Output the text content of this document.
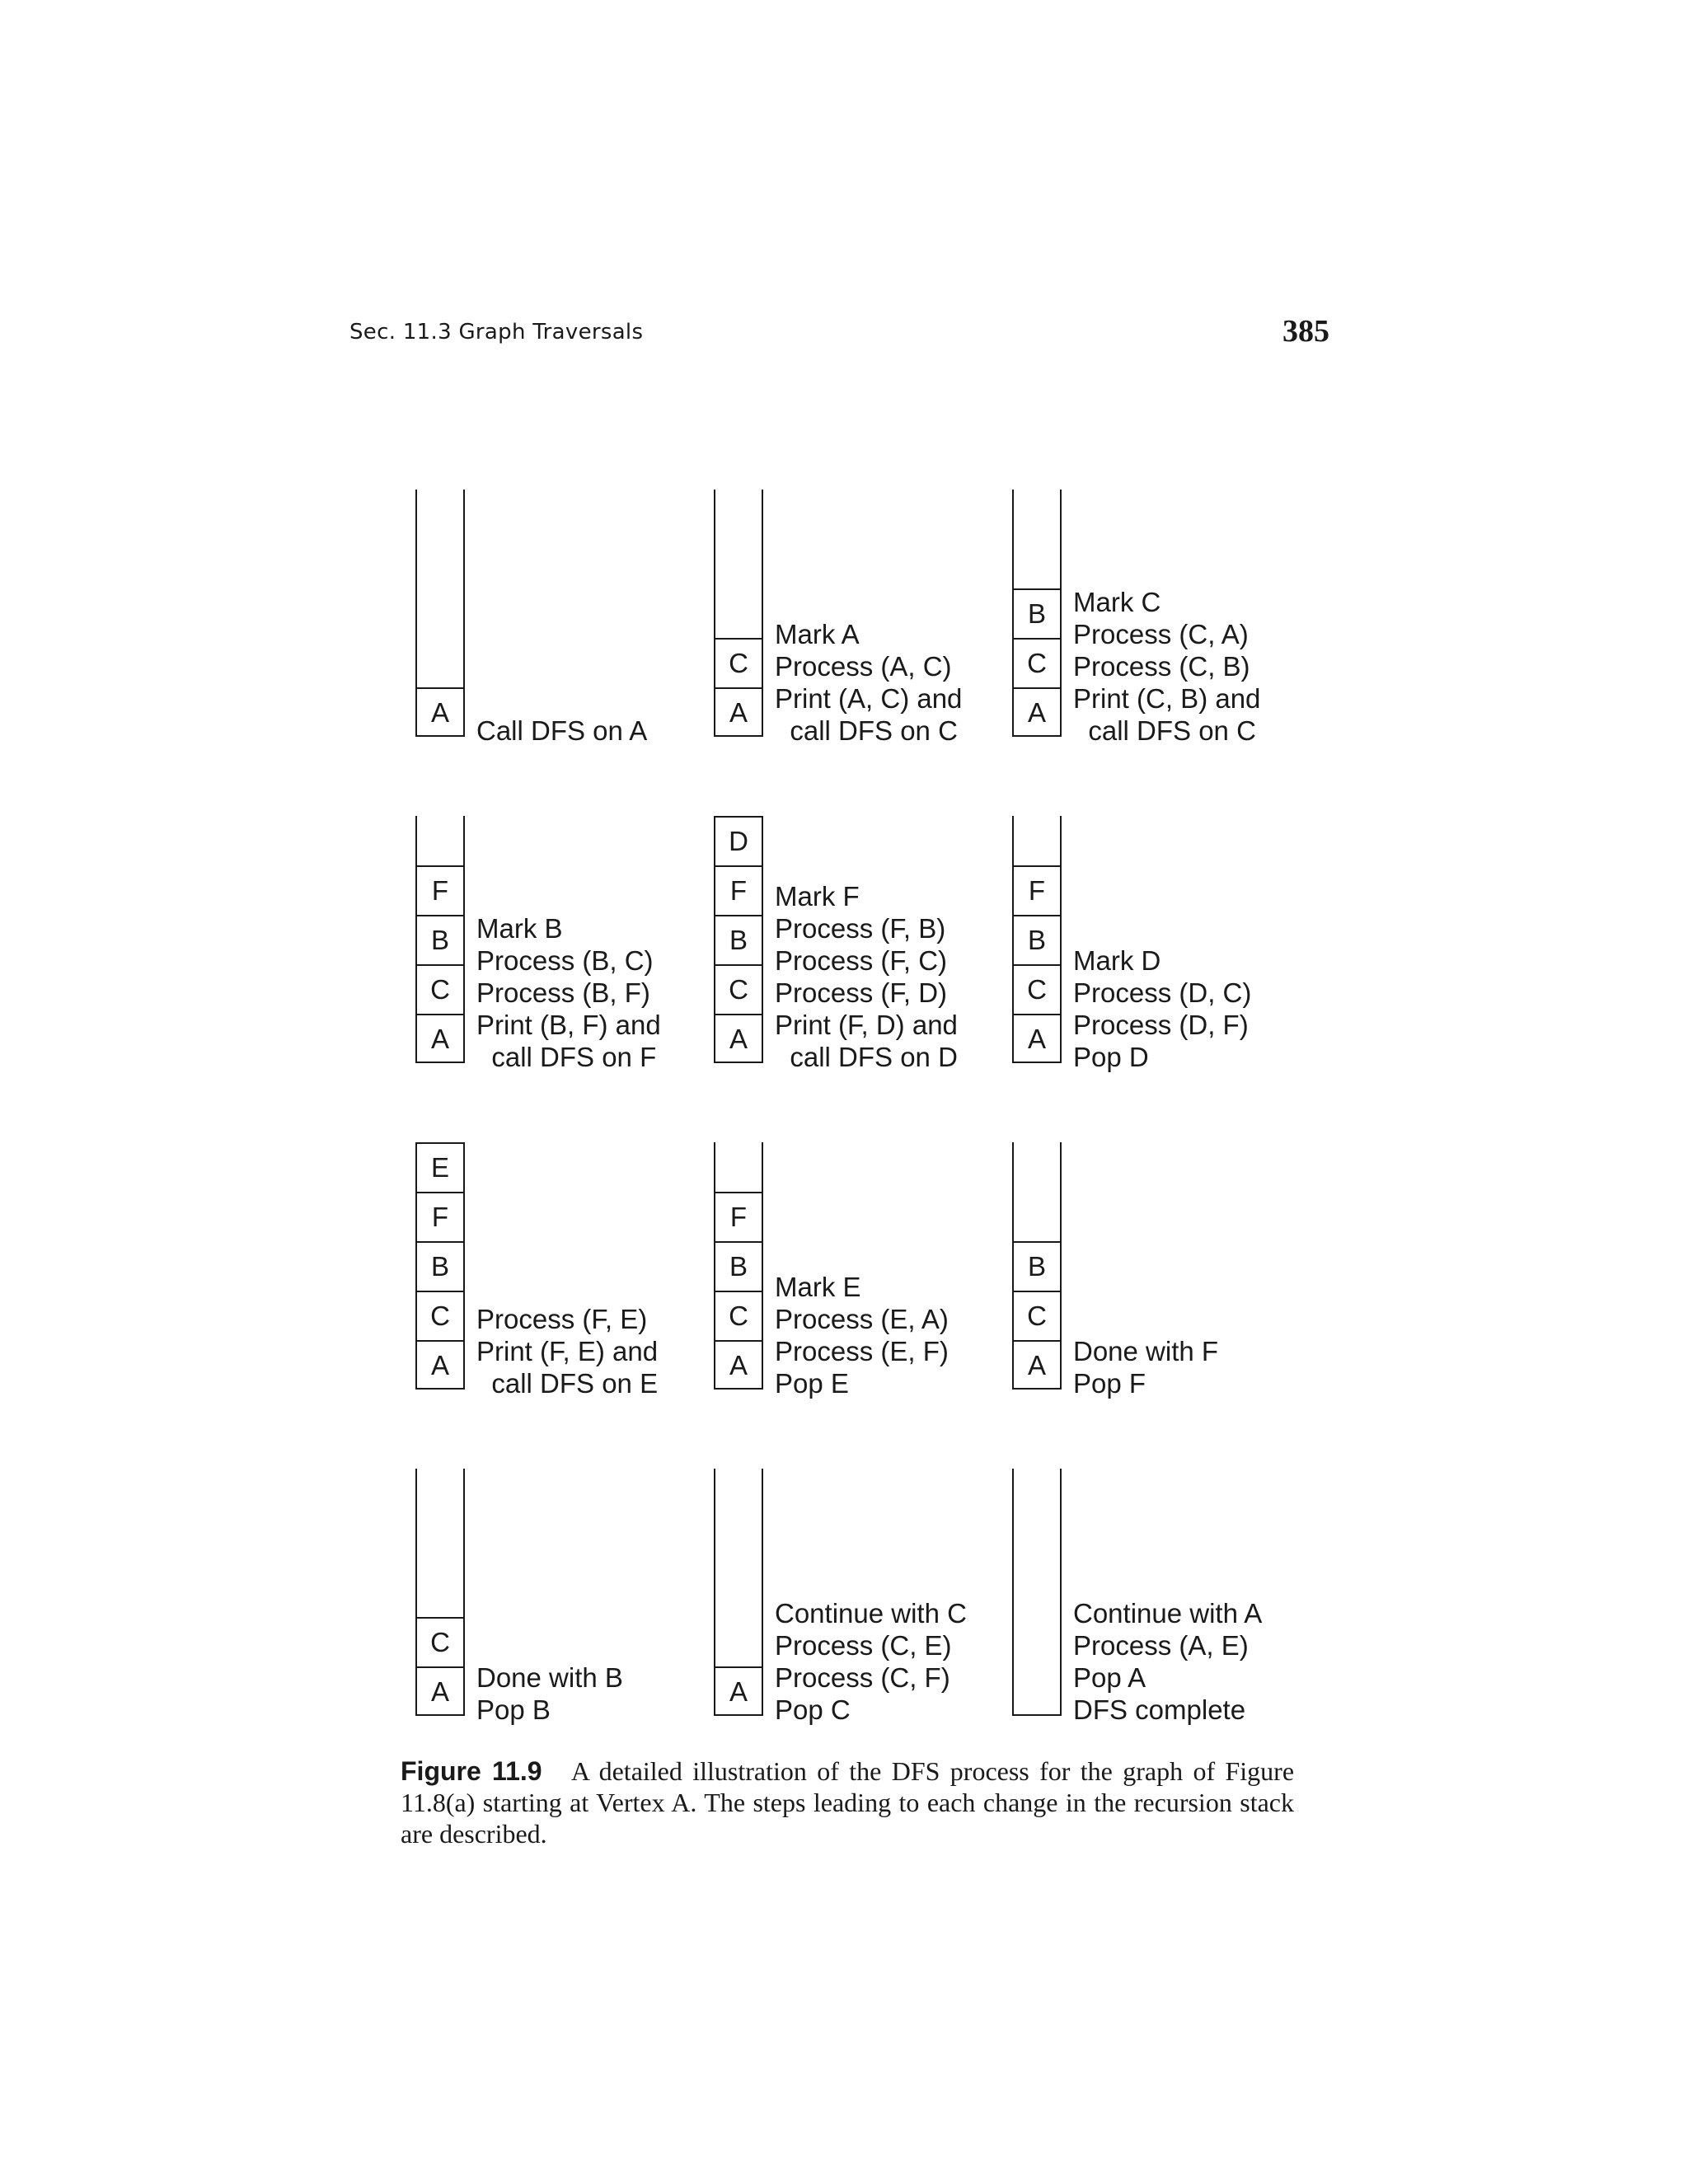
Sec. 11.3 Graph Traversals	385
A
Call DFS on A
A
C
Mark A
Process (A, C)
Print (A, C) and
call DFS on C
A
C
B	Mark C
Process (C, A)
Process (C, B)
Print (C, B) and
call DFS on C
A
C
B
F
Mark B
Process (B, C)
Process (B, F)
Print (B, F) and
call DFS on F
A
C
B
F
D
Mark F
Process (F, B)
Process (F, C)
Process (F, D)
Print (F, D) and
call DFS on D
A
C
B
F
Mark D
Process (D, C)
Process (D, F)
Pop D
A
C
B
F
E
Process (F, E)
Print (F, E) and
call DFS on E
A
C
B
F
Mark E
Process (E, A)
Process (E, F)
Pop E
A
C
B
Done with F
Pop F
A
C
Done with B
Pop B
A
Continue with C
Process (C, E)
Process (C, F)
Pop C
Continue with A
Process (A, E)
Pop A
DFS complete
Figure 11.9 A detailed illustration of the DFS process for the graph of Figure 11.8(a) starting at Vertex A. The steps leading to each change in the recursion stack are described.
